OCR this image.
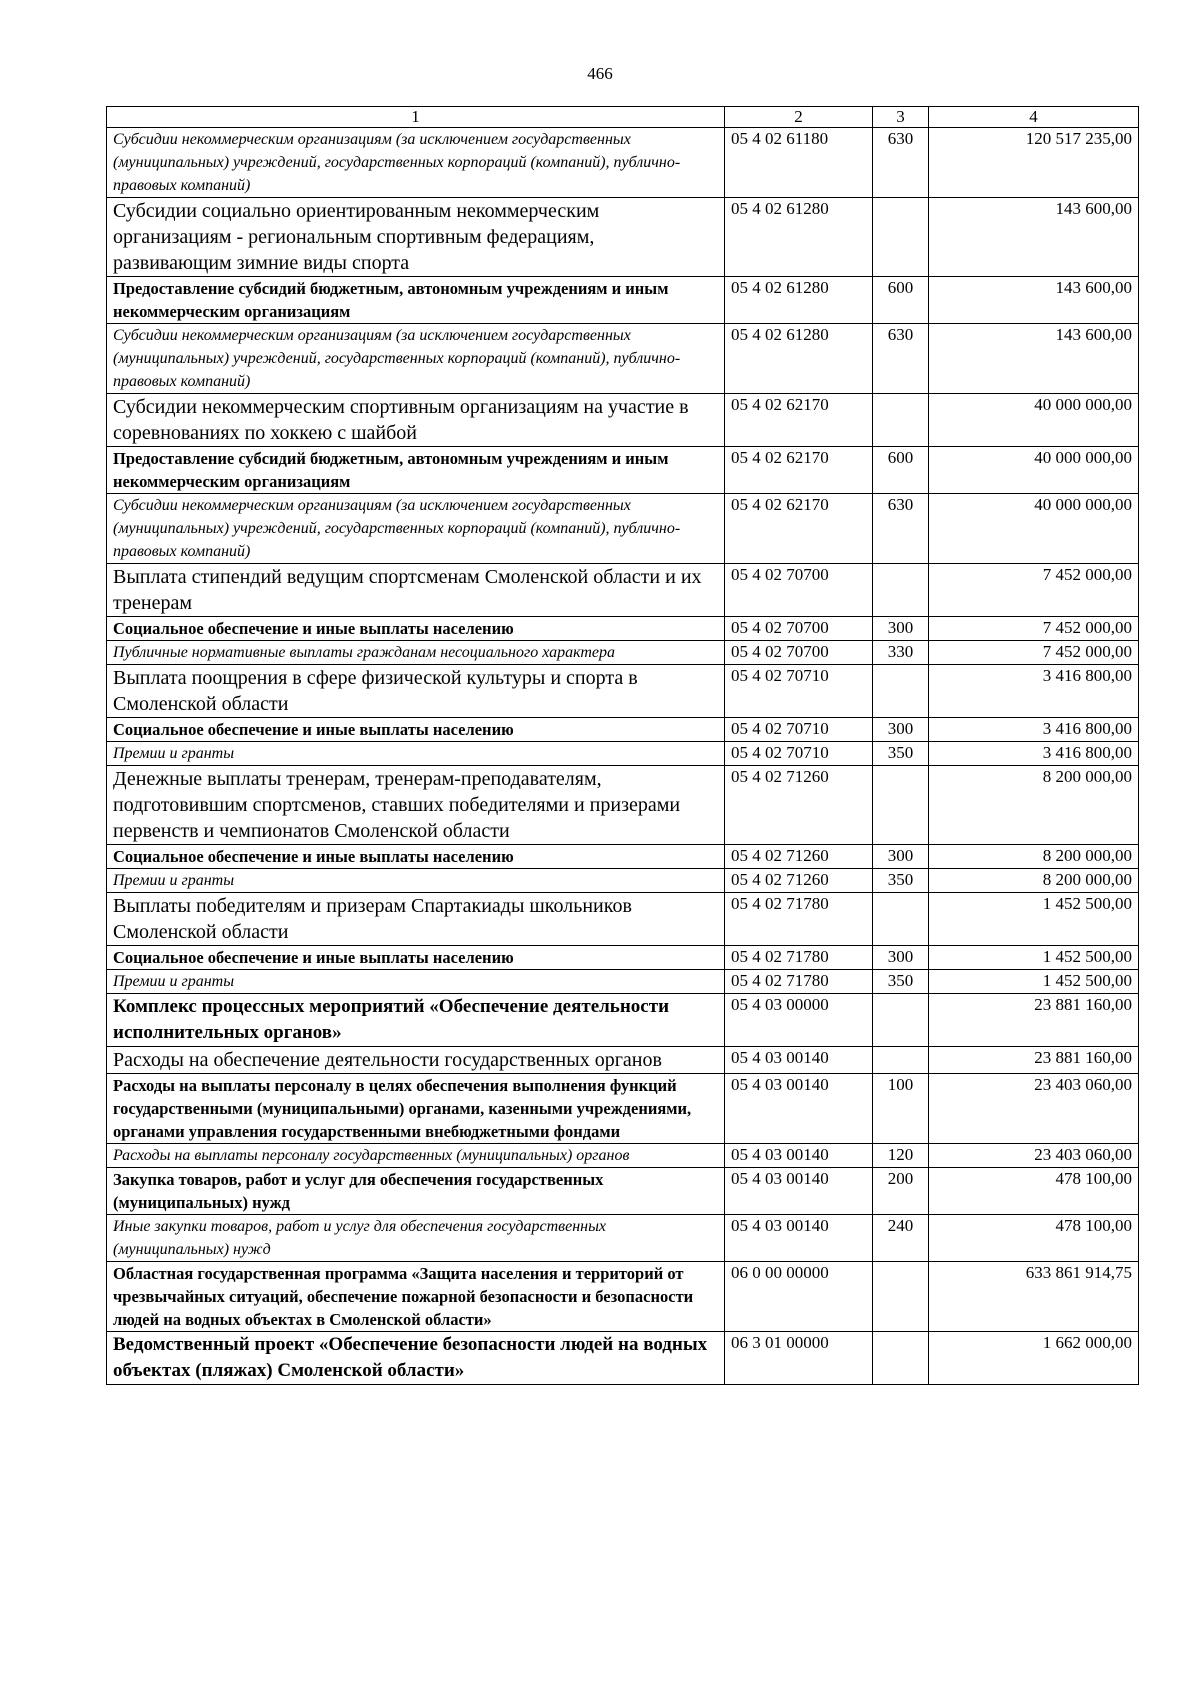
466
1	2	3	4
Субсидии некоммерческим организациям (за исключением государственных (муниципальных) учреждений, государственных корпораций (компаний), публично-правовых компаний)	05 4 02 61180	630	120 517 235,00
Субсидии социально ориентированным некоммерческим организациям - региональным спортивным федерациям, развивающим зимние виды спорта	05 4 02 61280		143 600,00
Предоставление субсидий бюджетным, автономным учреждениям и иным некоммерческим организациям	05 4 02 61280	600	143 600,00
Субсидии некоммерческим организациям (за исключением государственных (муниципальных) учреждений, государственных корпораций (компаний), публично-правовых компаний)	05 4 02 61280	630	143 600,00
Субсидии некоммерческим спортивным организациям на участие в соревнованиях по хоккею с шайбой	05 4 02 62170		40 000 000,00
Предоставление субсидий бюджетным, автономным учреждениям и иным некоммерческим организациям	05 4 02 62170	600	40 000 000,00
Субсидии некоммерческим организациям (за исключением государственных (муниципальных) учреждений, государственных корпораций (компаний), публично-правовых компаний)	05 4 02 62170	630	40 000 000,00
Выплата стипендий ведущим спортсменам Смоленской области и их тренерам	05 4 02 70700		7 452 000,00
Социальное обеспечение и иные выплаты населению	05 4 02 70700	300	7 452 000,00
Публичные нормативные выплаты гражданам несоциального характера	05 4 02 70700	330	7 452 000,00
Выплата поощрения в сфере физической культуры и спорта в Смоленской области	05 4 02 70710		3 416 800,00
Социальное обеспечение и иные выплаты населению	05 4 02 70710	300	3 416 800,00
Премии и гранты	05 4 02 70710	350	3 416 800,00
Денежные выплаты тренерам, тренерам-преподавателям, подготовившим спортсменов, ставших победителями и призерами первенств и чемпионатов Смоленской области	05 4 02 71260		8 200 000,00
Социальное обеспечение и иные выплаты населению	05 4 02 71260	300	8 200 000,00
Премии и гранты	05 4 02 71260	350	8 200 000,00
Выплаты победителям и призерам Спартакиады школьников Смоленской области	05 4 02 71780		1 452 500,00
Социальное обеспечение и иные выплаты населению	05 4 02 71780	300	1 452 500,00
Премии и гранты	05 4 02 71780	350	1 452 500,00
Комплекс процессных мероприятий «Обеспечение деятельности исполнительных органов»	05 4 03 00000		23 881 160,00
Расходы на обеспечение деятельности государственных органов	05 4 03 00140		23 881 160,00
Расходы на выплаты персоналу в целях обеспечения выполнения функций государственными (муниципальными) органами, казенными учреждениями, органами управления государственными внебюджетными фондами	05 4 03 00140	100	23 403 060,00
Расходы на выплаты персоналу государственных (муниципальных) органов	05 4 03 00140	120	23 403 060,00
Закупка товаров, работ и услуг для обеспечения государственных (муниципальных) нужд	05 4 03 00140	200	478 100,00
Иные закупки товаров, работ и услуг для обеспечения государственных (муниципальных) нужд	05 4 03 00140	240	478 100,00
Областная государственная программа «Защита населения и территорий от чрезвычайных ситуаций, обеспечение пожарной безопасности и безопасности людей на водных объектах в Смоленской области»	06 0 00 00000		633 861 914,75
Ведомственный проект «Обеспечение безопасности людей на водных объектах (пляжах) Смоленской области»	06 3 01 00000		1 662 000,00
